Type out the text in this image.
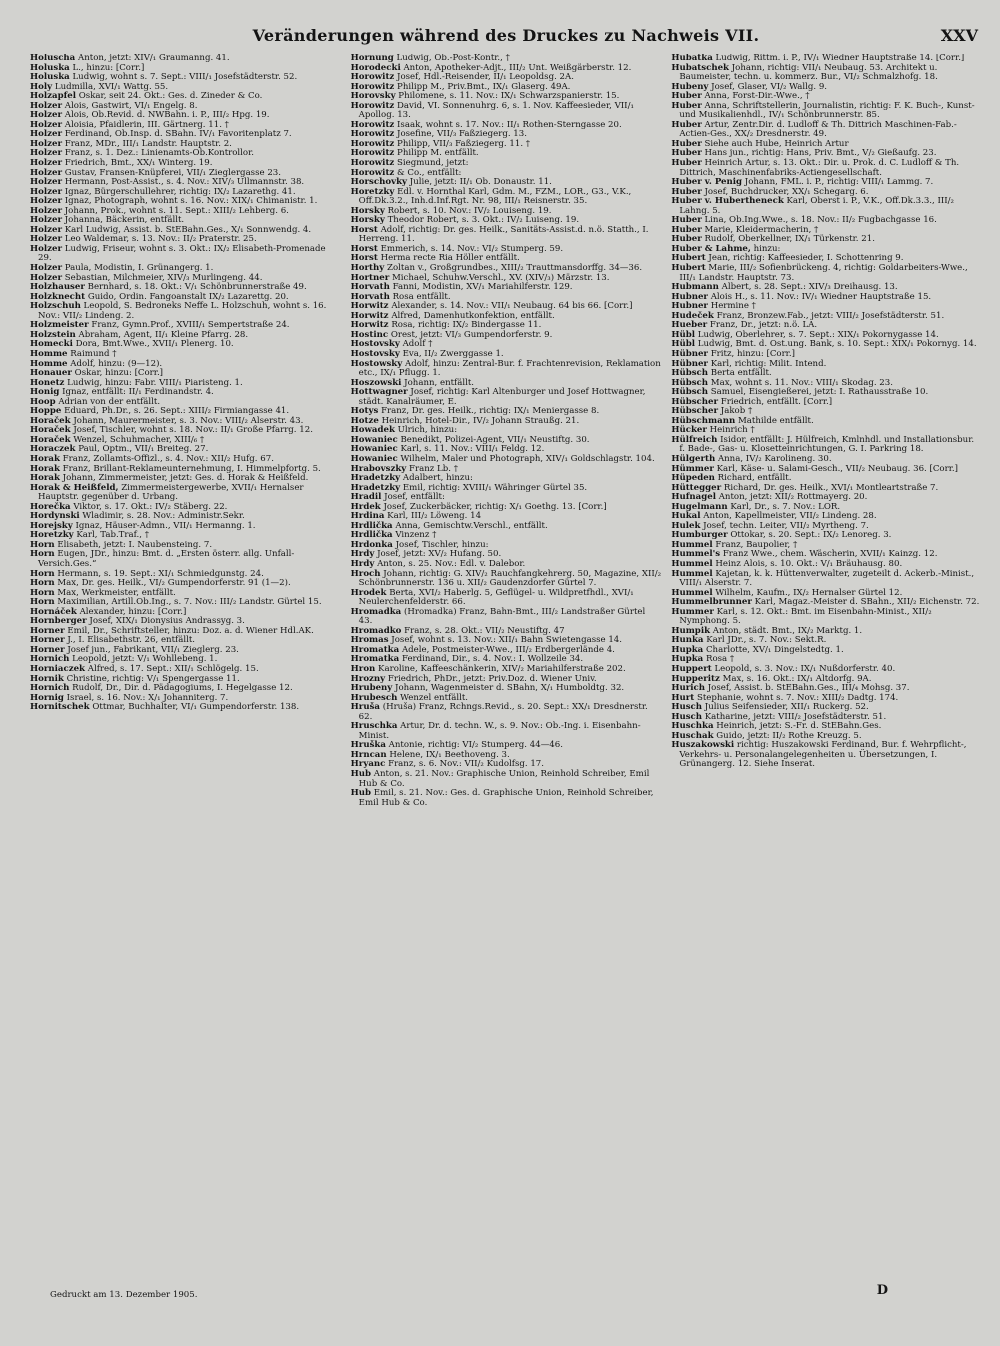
Veränderungen während des Druckes zu Nachweis VII.	XXV
Holuscha Anton, jetzt: XIV/₁ Graumanng. 41.
Holuska L., hinzu: [Corr.]
Holuska Ludwig, wohnt s. 7. Sept.: VIII/₁ Josefstädterstr. 52.
Holy Ludmilla, XVI/₁ Wattg. 55.
Holzapfel Oskar, seit 24. Okt.: Ges. d. Zineder & Co.
Holzer Alois, Gastwirt, VI/₁ Engelg. 8.
Holzer Alois, Ob.Revid. d. NWBahn. i. P., III/₂ Hpg. 19.
Holzer Aloisia, Pfaidlerin, III. Gärtnerg. 11. †
Holzer Ferdinand, Ob.Insp. d. SBahn. IV/₁ Favoritenplatz 7.
Holzer Franz, MDr., III/₁ Landstr. Hauptstr. 2.
Holzer Franz, s. 1. Dez.: Linienamts-Ob.Kontrollor.
Holzer Friedrich, Bmt., XX/₁ Winterg. 19.
Holzer Gustav, Fransen-Knüpferei, VII/₁ Zieglergasse 23.
Holzer Hermann, Post-Assist., s. 4. Nov.: XIV/₃ Ullmannstr. 38.
Holzer Ignaz, Bürgerschullehrer, richtig: IX/₂ Lazarethg. 41.
Holzer Ignaz, Photograph, wohnt s. 16. Nov.: XIX/₁ Chimanistr. 1.
Holzer Johann, Prok., wohnt s. 11. Sept.: XIII/₂ Lehberg. 6.
Holzer Johanna, Bäckerin, entfällt.
Holzer Karl Ludwig, Assist. b. StEBahn.Ges., X/₁ Sonnwendg. 4.
Holzer Leo Waldemar, s. 13. Nov.: II/₂ Praterstr. 25.
Holzer Ludwig, Friseur, wohnt s. 3. Okt.: IX/₂ Elisabeth-Promenade 29.
Holzer Paula, Modistin, I. Grünangerg. 1.
Holzer Sebastian, Milchmeier, XIV/₃ Murlingeng. 44.
Holzhauser Bernhard, s. 18. Okt.: V/₁ Schönbrunnerstraße 49.
Holzknecht Guido, Ordin. Fangoanstalt IX/₂ Lazarettg. 20.
Holzschuh Leopold, S. Bedroneks Neffe L. Holzschuh, wohnt s. 16. Nov.: VII/₂ Lindeng. 2.
Holzmeister Franz, Gymn.Prof., XVIII/₁ Sempertstraße 24.
Holzstein Abraham, Agent, II/₁ Kleine Pfarrg. 28.
Homecki Dora, Bmt.Wwe., XVII/₁ Plenerg. 10.
Homme Raimund †
Homme Adolf, hinzu: (9—12).
Honauer Oskar, hinzu: [Corr.]
Honetz Ludwig, hinzu: Fabr. VIII/₁ Piaristeng. 1.
Honig Ignaz, entfällt: II/₁ Ferdinandstr. 4.
Hoop Adrian von der entfällt.
Hoppe Eduard, Ph.Dr., s. 26. Sept.: XIII/₂ Firmiangasse 41.
Horaček Johann, Maurermeister, s. 3. Nov.: VIII/₂ Alserstr. 43.
Horaček Josef, Tischler, wohnt s. 18. Nov.: II/₁ Große Pfarrg. 12.
Horaček Wenzel, Schuhmacher, XIII/₆ †
Horaczek Paul, Optm., VII/₁ Breiteg. 27.
Horak Franz, Zollamts-Offizl., s. 4. Nov.: XII/₂ Hufg. 67.
Horak Franz, Brillant-Reklameunternehmung, I. Himmelpfortg. 5.
Horak Johann, Zimmermeister, jetzt: Ges. d. Horak & Heißfeld.
Horak & Heißfeld, Zimmermeistergewerbe, XVII/₁ Hernalser Hauptstr. gegenüber d. Urbang.
Horečka Viktor, s. 17. Okt.: IV/₂ Stäberg. 22.
Hordynski Wladimir, s. 28. Nov.: Administr.Sekr.
Horejsky Ignaz, Häuser-Admn., VII/₁ Hermanng. 1.
Horetzky Karl, Tab.Traf., †
Horn Elisabeth, jetzt: I. Naubensteing. 7.
Horn Eugen, JDr., hinzu: Bmt. d. „Ersten österr. allg. Unfall-Versich.Ges.“
Horn Hermann, s. 19. Sept.: XI/₁ Schmiedgunstg. 24.
Horn Max, Dr. ges. Heilk., VI/₂ Gumpendorferstr. 91 (1—2).
Horn Max, Werkmeister, entfällt.
Horn Maximilian, Artill.Ob.Ing., s. 7. Nov.: III/₂ Landstr. Gürtel 15.
Hornáček Alexander, hinzu: [Corr.]
Hornberger Josef, XIX/₁ Dionysius Andrassyg. 3.
Horner Emil, Dr., Schriftsteller, hinzu: Doz. a. d. Wiener Hdl.AK.
Horner J., I. Elisabethstr. 26, entfällt.
Horner Josef jun., Fabrikant, VII/₁ Zieglerg. 23.
Hornich Leopold, jetzt: V/₁ Wohllebeng. 1.
Horniaczek Alfred, s. 17. Sept.: XII/₁ Schlögelg. 15.
Hornik Christine, richtig: V/₁ Spengergasse 11.
Hornich Rudolf, Dr., Dir. d. Pädagogiums, I. Hegelgasse 12.
Hornig Israel, s. 16. Nov.: X/₁ Johanniterg. 7.
Hornitschek Ottmar, Buchhalter, VI/₁ Gumpendorferstr. 138.
Hornung Ludwig, Ob.-Post-Kontr., †
Horodecki Anton, Apotheker-Adjt., III/₂ Unt. Weißgärberstr. 12.
Horowitz Josef, Hdl.-Reisender, II/₁ Leopoldsg. 2A.
Horowitz Philipp M., Priv.Bmt., IX/₁ Glaserg. 49A.
Horovsky Philomene, s. 11. Nov.: IX/₁ Schwarzspanierstr. 15.
Horowitz David, VI. Sonnenuhrg. 6, s. 1. Nov. Kaffeesieder, VII/₁ Apollog. 13.
Horowitz Isaak, wohnt s. 17. Nov.: II/₁ Rothen-Sterngasse 20.
Horowitz Josefine, VII/₃ Faßziegerg. 13.
Horowitz Philipp, VII/₃ Faßziegerg. 11. †
Horowitz Philipp M. entfällt.
Horowitz Siegmund, jetzt:
Horowitz & Co., entfällt:
Horschovky Julie, jetzt: II/₁ Ob. Donaustr. 11.
Horetzky Edl. v. Hornthal Karl, Gdm. M., FZM., LOR., G3., V.K., Off.Dk.3.2., Inh.d.Inf.Rgt. Nr. 98, III/₁ Reisnerstr. 35.
Horsky Robert, s. 10. Nov.: IV/₂ Louiseng. 19.
Horsky Theodor Robert, s. 3. Okt.: IV/₂ Luiseng. 19.
Horst Adolf, richtig: Dr. ges. Heilk., Sanitäts-Assist.d. n.ö. Statth., I. Herreng. 11.
Horst Emmerich, s. 14. Nov.: VI/₂ Stumperg. 59.
Horst Herma recte Ria Höller entfällt.
Horthy Zoltan v., Großgrundbes., XIII/₂ Trauttmansdorffg. 34—36.
Hortner Michael, Schuhw.Verschl., XV. (XIV/₃) Märzstr. 13.
Horvath Fanni, Modistin, XV/₁ Mariahilferstr. 129.
Horvath Rosa entfällt.
Horwitz Alexander, s. 14. Nov.: VII/₁ Neubaug. 64 bis 66. [Corr.]
Horwitz Alfred, Damenhutkonfektion, entfällt.
Horwitz Rosa, richtig: IX/₂ Bindergasse 11.
Hostinc Orest, jetzt: VI/₃ Gumpendorferstr. 9.
Hostovsky Adolf †
Hostovsky Eva, II/₂ Zwerggasse 1.
Hostowsky Adolf, hinzu: Zentral-Bur. f. Frachtenrevision, Reklamation etc., IX/₁ Pflugg. 1.
Hoszowski Johann, entfällt.
Hottwagner Josef, richtig: Karl Altenburger und Josef Hottwagner, städt. Kanalräumer, E.
Hotys Franz, Dr. ges. Heilk., richtig: IX/₁ Meniergasse 8.
Hotze Heinrich, Hotel-Dir., IV/₂ Johann Straußg. 21.
Howadek Ulrich, hinzu:
Howaniec Benedikt, Polizei-Agent, VII/₁ Neustiftg. 30.
Howaniec Karl, s. 11. Nov.: VIII/₁ Feldg. 12.
Howaniec Wilhelm, Maler und Photograph, XIV/₁ Goldschlagstr. 104.
Hrabovszky Franz Lb. †
Hradetzky Adalbert, hinzu:
Hradetzky Emil, richtig: XVIII/₁ Währinger Gürtel 35.
Hradil Josef, entfällt:
Hrdek Josef, Zuckerbäcker, richtig: X/₁ Goethg. 13. [Corr.]
Hrdina Karl, III/₂ Löweng. 14
Hrdlička Anna, Gemischtw.Verschl., entfällt.
Hrdlička Vinzenz †
Hrdonka Josef, Tischler, hinzu:
Hrdy Josef, jetzt: XV/₂ Hufang. 50.
Hrdy Anton, s. 25. Nov.: Edl. v. Dalebor.
Hroch Johann, richtig: G. XIV/₂ Rauchfangkehrerg. 50, Magazine, XII/₂ Schönbrunnerstr. 136 u. XII/₂ Gaudenzdorfer Gürtel 7.
Hrodek Berta, XVI/₂ Haberlg. 5, Geflügel- u. Wildpretfhdl., XVI/₁ Neulerchenfelderstr. 66.
Hromadka (Hromadka) Franz, Bahn-Bmt., III/₂ Landstraßer Gürtel 43.
Hromadko Franz, s. 28. Okt.: VII/₂ Neustiftg. 47
Hromas Josef, wohnt s. 13. Nov.: XII/₁ Bahn Swietengasse 14.
Hromatka Adele, Postmeister-Wwe., III/₂ Erdbergerlände 4.
Hromatka Ferdinand, Dir., s. 4. Nov.: I. Wollzeile 34.
Hron Karoline, Kaffeeschänkerin, XIV/₂ Mariahilferstraße 202.
Hrozny Friedrich, PhDr., jetzt: Priv.Doz. d. Wiener Univ.
Hrubeny Johann, Wagenmeister d. SBahn, X/₁ Humboldtg. 32.
Hrubesch Wenzel entfällt.
Hruša (Hruša) Franz, Rchngs.Revid., s. 20. Sept.: XX/₁ Dresdnerstr. 62.
Hruschka Artur, Dr. d. techn. W., s. 9. Nov.: Ob.-Ing. i. Eisenbahn-Minist.
Hruška Antonie, richtig: VI/₂ Stumperg. 44—46.
Hrncan Helene, IX/₁ Beethoveng. 3.
Hryanc Franz, s. 6. Nov.: VII/₂ Kudolfsg. 17.
Hub Anton, s. 21. Nov.: Graphische Union, Reinhold Schreiber, Emil Hub & Co.
Hub Emil, s. 21. Nov.: Ges. d. Graphische Union, Reinhold Schreiber, Emil Hub & Co.
Hubatka Ludwig, Rittm. i. P., IV/₁ Wiedner Hauptstraße 14. [Corr.]
Hubatschek Johann, richtig: VII/₁ Neubaug. 53. Architekt u. Baumeister, techn. u. kommerz. Bur., VI/₂ Schmalzhofg. 18.
Hubeny Josef, Glaser, VI/₂ Wallg. 9.
Huber Anna, Forst-Dir.-Wwe., †
Huber Anna, Schriftstellerin, Journalistin, richtig: F. K. Buch-, Kunst- und Musikalienhdl., IV/₁ Schönbrunnerstr. 85.
Huber Artur, Zentr.Dir. d. Ludloff & Th. Dittrich Maschinen-Fab.-Actien-Ges., XX/₂ Dresdnerstr. 49.
Huber Siehe auch Hube, Heinrich Artur
Huber Hans jun., richtig: Hans, Priv. Bmt., V/₂ Gießaufg. 23.
Huber Heinrich Artur, s. 13. Okt.: Dir. u. Prok. d. C. Ludloff & Th. Dittrich, Maschinenfabriks-Actiengesellschaft.
Huber v. Penig Johann, FML. i. P., richtig: VIII/₁ Lammg. 7.
Huber Josef, Buchdrucker, XX/₁ Schegarg. 6.
Huber v. Hubertheneck Karl, Oberst i. P., V.K., Off.Dk.3.3., III/₂ Lahng. 5.
Huber Lina, Ob.Ing.Wwe., s. 18. Nov.: II/₂ Fugbachgasse 16.
Huber Marie, Kleidermacherin, †
Huber Rudolf, Oberkellner, IX/₁ Türkenstr. 21.
Huber & Lahme, hinzu:
Hubert Jean, richtig: Kaffeesieder, I. Schottenring 9.
Hubert Marie, III/₂ Sofienbrückeng. 4, richtig: Goldarbeiters-Wwe., III/₁ Landstr. Hauptstr. 73.
Hubmann Albert, s. 28. Sept.: XIV/₃ Dreihausg. 13.
Hubner Alois H., s. 11. Nov.: IV/₁ Wiedner Hauptstraße 15.
Hubner Hermine †
Hudeček Franz, Bronzew.Fab., jetzt: VIII/₂ Josefstädterstr. 51.
Hueber Franz, Dr., jetzt: n.ö. LA.
Hübl Ludwig, Oberlehrer, s. 7. Sept.: XIX/₁ Pokornygasse 14.
Hübl Ludwig, Bmt. d. Ost.ung. Bank, s. 10. Sept.: XIX/₁ Pokornyg. 14.
Hübner Fritz, hinzu: [Corr.]
Hübner Karl, richtig: Milit. Intend.
Hübsch Berta entfällt.
Hübsch Max, wohnt s. 11. Nov.: VIII/₁ Skodag. 23.
Hübsch Samuel, Eisengießerei, jetzt: I. Rathausstraße 10.
Hübscher Friedrich, entfällt. [Corr.]
Hübscher Jakob †
Hübschmann Mathilde entfällt.
Hücker Heinrich †
Hülfreich Isidor, entfällt: J. Hülfreich, Kmlnhdl. und Installationsbur. f. Bade-, Gas- u. Klosetteinrichtungen, G. I. Parkring 18.
Hülgerth Anna, IV/₂ Karolineng. 30.
Hümmer Karl, Käse- u. Salami-Gesch., VII/₂ Neubaug. 36. [Corr.]
Hüpeden Richard, entfällt.
Hüttegger Richard, Dr. ges. Heilk., XVI/₁ Montleartstraße 7.
Hufnagel Anton, jetzt: XII/₂ Rottmayerg. 20.
Hugelmann Karl, Dr., s. 7. Nov.: LOR.
Hukal Anton, Kapellmeister, VII/₂ Lindeng. 28.
Hulek Josef, techn. Leiter, VII/₂ Myrtheng. 7.
Humburger Ottokar, s. 20. Sept.: IX/₂ Lenoreg. 3.
Hummel Franz, Baupolier, †
Hummel's Franz Wwe., chem. Wäscherin, XVII/₁ Kainzg. 12.
Hummel Heinz Alois, s. 10. Okt.: V/₁ Bräuhausg. 80.
Hummel Kajetan, k. k. Hüttenverwalter, zugeteilt d. Ackerb.-Minist., VIII/₁ Alserstr. 7.
Hummel Wilhelm, Kaufm., IX/₂ Hernalser Gürtel 12.
Hummelbrunner Karl, Magaz.-Meister d. SBahn., XII/₂ Eichenstr. 72.
Hummer Karl, s. 12. Okt.: Bmt. im Eisenbahn-Minist., XII/₂ Nymphong. 5.
Humpik Anton, städt. Bmt., IX/₂ Marktg. 1.
Hunka Karl JDr., s. 7. Nov.: Sekt.R.
Hupka Charlotte, XV/₁ Dingelstedtg. 1.
Hupka Rosa †
Huppert Leopold, s. 3. Nov.: IX/₁ Nußdorferstr. 40.
Hupperitz Max, s. 16. Okt.: IX/₁ Altdorfg. 9A.
Hurich Josef, Assist. b. StEBahn.Ges., III/₄ Mohsg. 37.
Hurt Stephanie, wohnt s. 7. Nov.: XIII/₂ Dadtg. 174.
Husch Julius Seifensieder, XII/₁ Ruckerg. 52.
Husch Katharine, jetzt: VIII/₂ Josefstädterstr. 51.
Huschka Heinrich, jetzt: S.-Fr. d. StEBahn.Ges.
Huschak Guido, jetzt: II/₂ Rothe Kreuzg. 5.
Huszakowski richtig: Huszakowski Ferdinand, Bur. f. Wehrpflicht-, Verkehrs- u. Personalangelegenheiten u. Übersetzungen, I. Grünangerg. 12. Siehe Inserat.
Gedruckt am 13. Dezember 1905.	D
